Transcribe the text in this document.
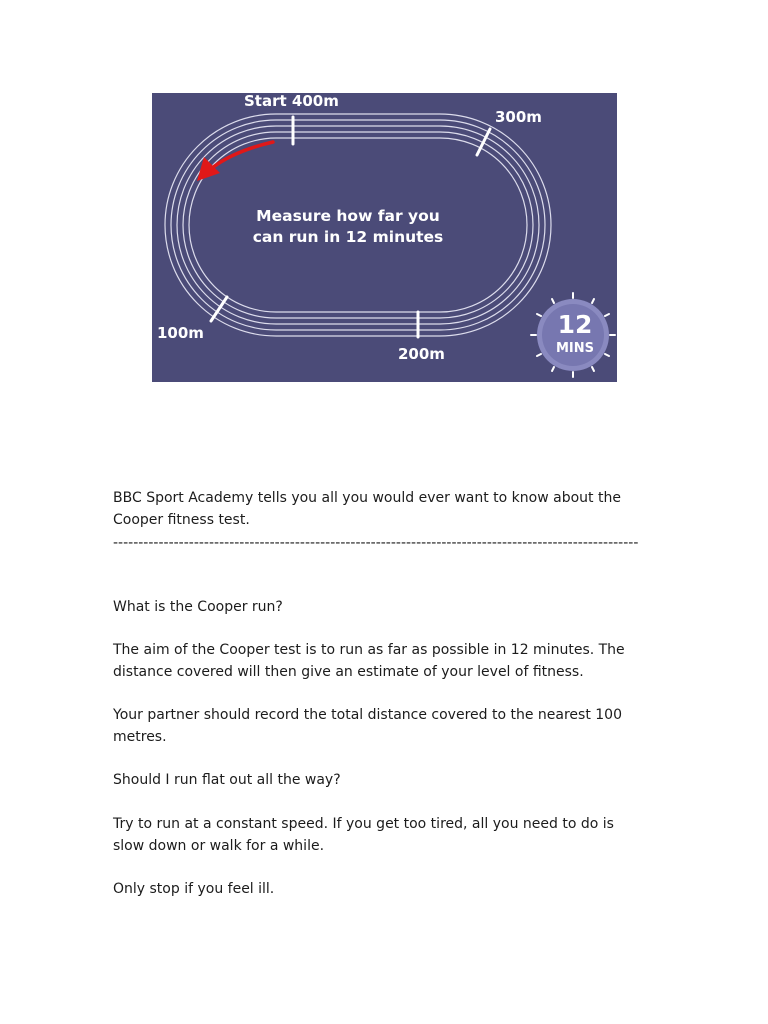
Start 400m
300m
200m
100m
Measure how far you
can run in 12 minutes
12
MINS

BBC Sport Academy tells you all you would ever want to know about the

Cooper fitness test.

--------------------------------------------------------------------------------------------------------

What is the Cooper run?

The aim of the Cooper test is to run as far as possible in 12 minutes. The

distance covered will then give an estimate of your level of fitness.

Your partner should record the total distance covered to the nearest 100

metres.

Should I run flat out all the way?

Try to run at a constant speed. If you get too tired, all you need to do is

slow down or walk for a while.

Only stop if you feel ill.
